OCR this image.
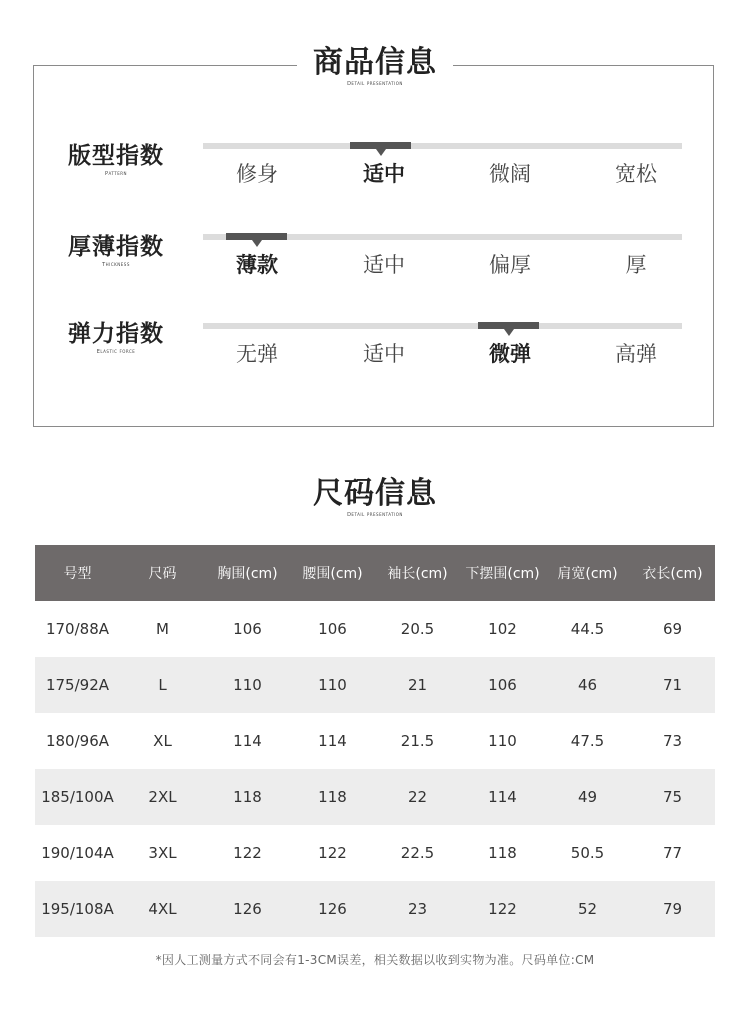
商品信息
Detail presentation
版型指数
Pattern	修身	适中	微阔	宽松
厚薄指数
Thickness	薄款	适中	偏厚	厚
弹力指数
Elastic force	无弹	适中	微弹	高弹
尺码信息
Detail presentation
号型	尺码	胸围(cm)	腰围(cm)	袖长(cm)	下摆围(cm)	肩宽(cm)	衣长(cm)
170/88A	M	106	106	20.5	102	44.5	69
175/92A	L	110	110	21	106	46	71
180/96A	XL	114	114	21.5	110	47.5	73
185/100A	2XL	118	118	22	114	49	75
190/104A	3XL	122	122	22.5	118	50.5	77
195/108A	4XL	126	126	23	122	52	79
*因人工测量方式不同会有1-3CM误差，相关数据以收到实物为准。尺码单位:CM
